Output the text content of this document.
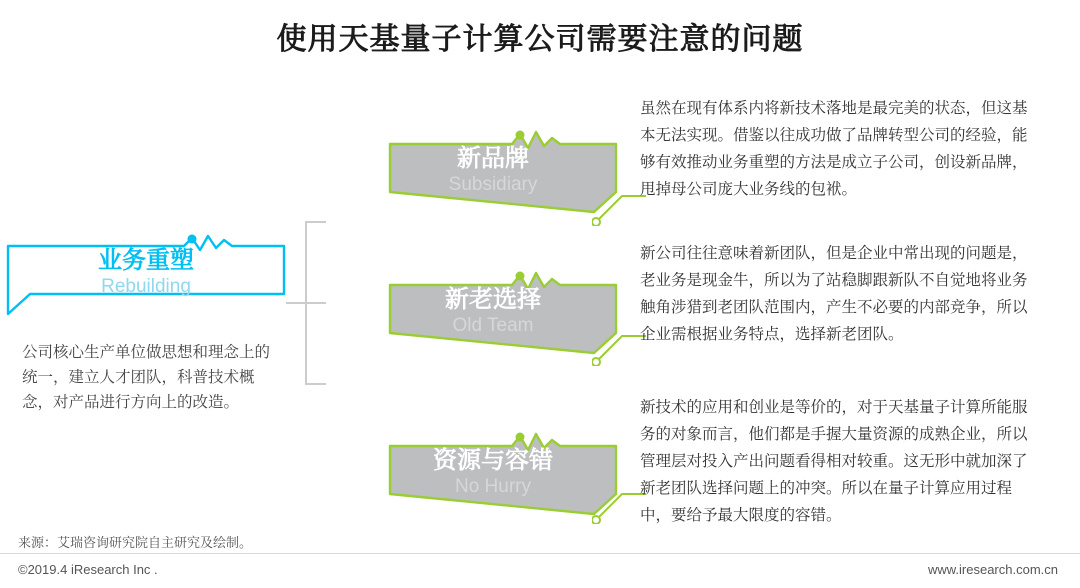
使用天基量子计算公司需要注意的问题
业务重塑
Rebuilding
公司核心生产单位做思想和理念上的统一，建立人才团队，科普技术概念，对产品进行方向上的改造。
新品牌
Subsidiary
新老选择
Old Team
资源与容错
No Hurry
虽然在现有体系内将新技术落地是最完美的状态，但这基本无法实现。借鉴以往成功做了品牌转型公司的经验，能够有效推动业务重塑的方法是成立子公司，创设新品牌，甩掉母公司庞大业务线的包袱。
新公司往往意味着新团队，但是企业中常出现的问题是，老业务是现金牛，所以为了站稳脚跟新队不自觉地将业务触角涉猎到老团队范围内，产生不必要的内部竞争，所以企业需根据业务特点，选择新老团队。
新技术的应用和创业是等价的，对于天基量子计算所能服务的对象而言，他们都是手握大量资源的成熟企业，所以管理层对投入产出问题看得相对较重。这无形中就加深了新老团队选择问题上的冲突。所以在量子计算应用过程中，要给予最大限度的容错。
来源：艾瑞咨询研究院自主研究及绘制。
©2019.4 iResearch Inc .	www.iresearch.com.cn
